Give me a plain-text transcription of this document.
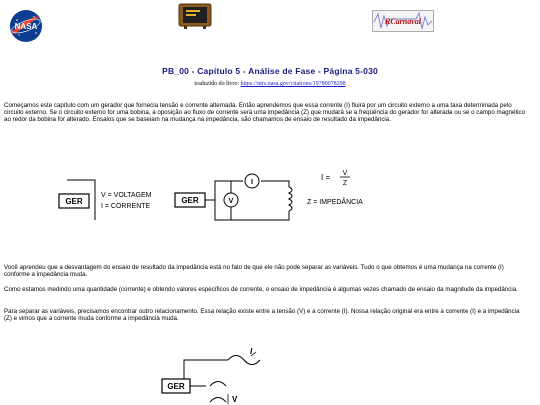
NASA
RCarnaval
PB_00 - Capítulo 5 - Análise de Fase - Página 5-030
traduzido do livro: https://ntrs.nasa.gov/citations/19780078298
Começamos este capítulo com um gerador que fornecia tensão e corrente alternada. Então aprendemos que essa corrente (I) fluirá por um circuito externo a uma taxa determinada pelo circuito externo. Se o circuito externo for uma bobina, a oposição ao fluxo de corrente será uma impedância (Z) que mudará se a freqüência do gerador for alterada ou se o campo magnético ao redor da bobina for alterado. Ensaios que se baseiam na mudança na impedância, são chamamos de ensaio de resultado da impedância.
GER
V = VOLTAGEM
I = CORRENTE
GER
I
V
I = V
Z
Z = IMPEDÂNCIA
Você aprendeu que a desvantagem do ensaio de resultado da impedância está no fato de que ele não pode separar as variáveis. Tudo o que obtemos é uma mudança na corrente (I) conforme a impedância muda.
Como estamos medindo uma quantidade (corrente) e obtendo valores específicos de corrente, o ensaio de impedância é algumas vezes chamado de ensaio da magnitude da impedância.
Para separar as variáveis, precisamos encontrar outro relacionamento. Essa relação existe entre a tensão (V) e a corrente (I). Nossa relação original era entre a corrente (I) e a impedância (Z) e vimos que a corrente muda conforme a impedância muda.
I
GER
V
